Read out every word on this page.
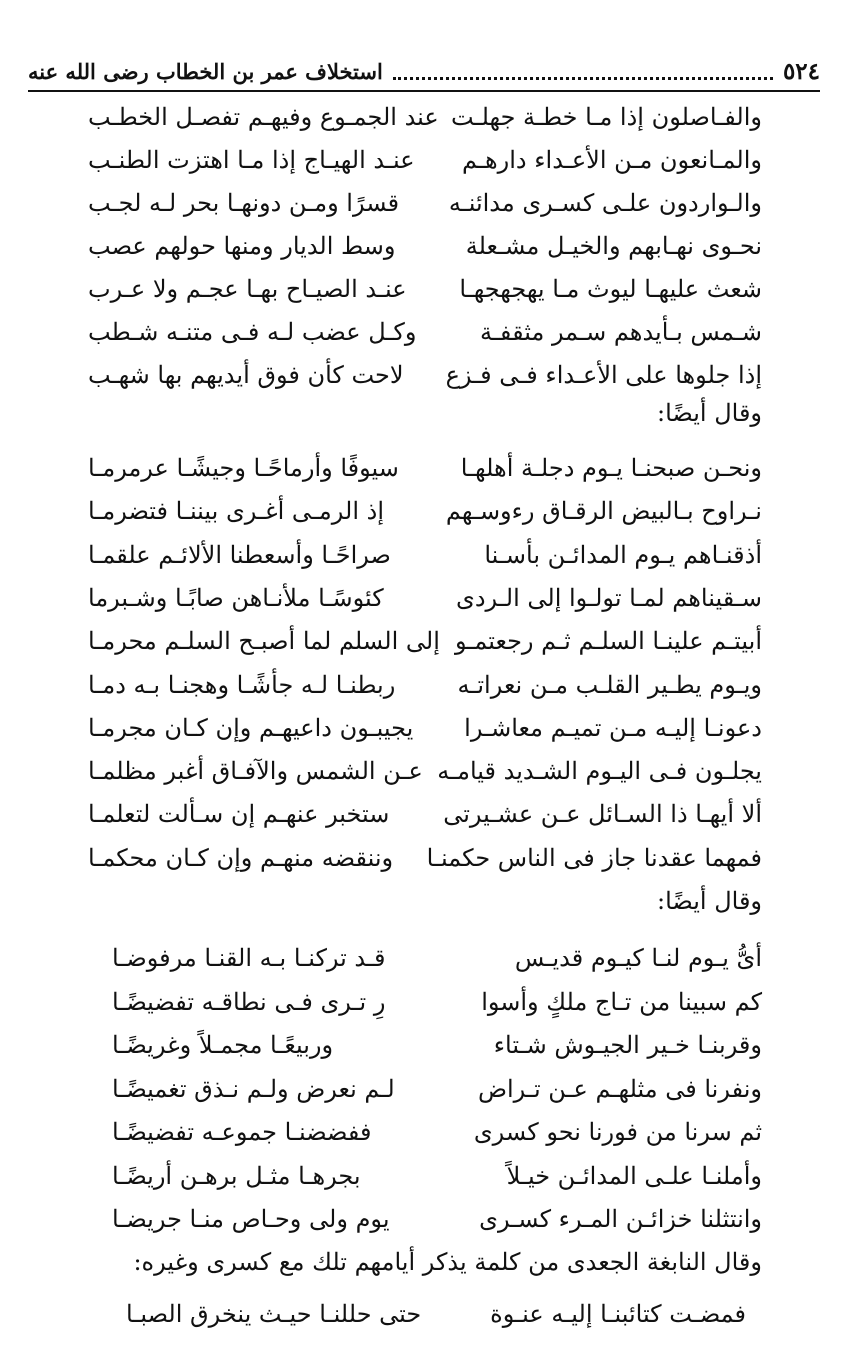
٥٢٤
استخلاف عمر بن الخطاب رضى الله عنه
والفـاصلون إذا مـا خطـة جهلـت
عند الجمـوع وفيهـم تفصـل الخطـب
والمـانعون مـن الأعـداء دارهـم
عنـد الهيـاج إذا مـا اهتزت الطنـب
والـواردون علـى كسـرى مدائنـه
قسرًا ومـن دونهـا بحر لـه لجـب
نحـوى نهـابهم والخيـل مشـعلة
وسط الديار ومنها حولهم عصب
شعث عليهـا ليوث مـا يهجهجهـا
عنـد الصيـاح بهـا عجـم ولا عـرب
شـمس بـأيدهم سـمر مثقفـة
وكـل عضب لـه فـى متنـه شـطب
إذا جلوها على الأعـداء فـى فـزع
لاحت كأن فوق أيديهم بها شهـب
وقال أيضًا:
ونحـن صبحنـا يـوم دجلـة أهلهـا
سيوفًا وأرماحًـا وجيشًـا عرمرمـا
نـراوح بـالبيض الرقـاق رءوسـهم
إذ الرمـى أغـرى بيننـا فتضرمـا
أذقنـاهم يـوم المدائـن بأسـنا
صراحًـا وأسعطنا الألائـم علقمـا
سـقيناهم لمـا تولـوا إلى الـردى
كئوسًـا ملأنـاهن صابًـا وشـبرما
أبيتـم علينـا السلـم ثـم رجعتمـو
إلى السلم لما أصبـح السلـم محرمـا
ويـوم يطـير القلـب مـن نعراتـه
ربطنـا لـه جأشًـا وهجنـا بـه دمـا
دعونـا إليـه مـن تميـم معاشـرا
يجيبـون داعيهـم وإن كـان مجرمـا
يجلـون فـى اليـوم الشـديد قيامـه
عـن الشمس والآفـاق أغبر مظلمـا
ألا أيهـا ذا السـائل عـن عشـيرتى
ستخبر عنهـم إن سـألت لتعلمـا
فمهما عقدنا جاز فى الناس حكمنـا
وننقضه منهـم وإن كـان محكمـا
وقال أيضًا:
أىُّ يـوم لنـا كيـوم قديـس
قـد تركنـا بـه القنـا مرفوضـا
كم سبينا من تـاج ملكٍ وأسوا
رِ تـرى فـى نطاقـه تفضيضًـا
وقربنـا خـير الجيـوش شـتاء
وربيعًـا مجمـلاً وغريضًـا
ونفرنا فى مثلهـم عـن تـراض
لـم نعرض ولـم نـذق تغميضًـا
ثم سرنا من فورنا نحو كسرى
ففضضنـا جموعـه تفضيضًـا
وأملنـا علـى المدائـن خيـلاً
بجرهـا مثـل برهـن أريضًـا
وانتثلنا خزائـن المـرء كسـرى
يوم ولى وحـاص منـا جريضـا
وقال النابغة الجعدى من كلمة يذكر أيامهم تلك مع كسرى وغيره:
فمضـت كتائبنـا إليـه عنـوة
حتى حللنـا حيـث ينخرق الصبـا
